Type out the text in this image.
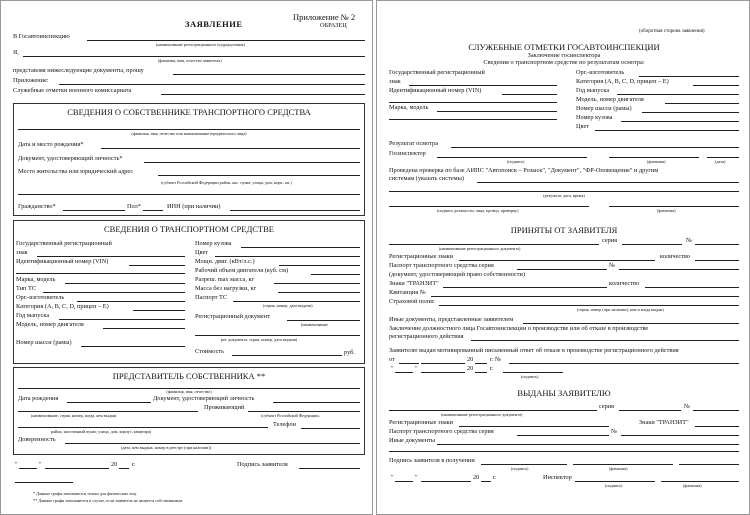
Приложение № 2
ОБРАЗЕЦ
ЗАЯВЛЕНИЕ
В Госавтоинспекцию
(наименование регистрационного подразделения)
Я,
(фамилия, имя, отчество заявителя)
представляя нижеследующие документы, прошу
Приложение:
Служебные отметки военного комиссариата
СВЕДЕНИЯ О СОБСТВЕННИКЕ ТРАНСПОРТНОГО СРЕДСТВА
(фамилия, имя, отчество или наименование юридического лица)
Дата и место рождения*
Документ, удостоверяющий личность*
Место жительства или юридический адрес
(субъект Российской Федерации район, нас. пункт, улица, дом, корп., кв.)
Гражданство*	Пол*	ИНН (при наличии)
СВЕДЕНИЯ О ТРАНСПОРТНОМ СРЕДСТВЕ
Государственный регистрационный
знак
Идентификационный номер (VIN)
Марка, модель
Тип ТС
Орг.-изготовитель
Категория (A, B, C, D, прицеп – E)
Год выпуска
Модель, номер двигателя
Номер шасси (рамы)
Номер кузова
Цвет
Мощн. двиг. (кВт/л.с.)
Рабочий объем двигателя (куб. см)
Разреш. max масса, кг
Масса без нагрузки, кг
Паспорт ТС
(серия, номер, дата выдачи)
Регистрационный документ
(наименование
рег. документа, серия, номер, дата выдачи)
Стоимость	руб.
ПРЕДСТАВИТЕЛЬ СОБСТВЕННИКА **
(фамилия, имя, отчество)
Дата рождения	Документ, удостоверяющий личность
Проживающий
(наименование, серия, номер, когда, кем выдан)	(субъект Российской Федерации,
Телефон
район, населенный пункт, улица, дом, корпус, квартира)
Доверенность
(дата, кем выдана, номер в реестре (при наличии))
"	"	20 г.	Подпись заявителя
* Данные графы заполняются только для физических лиц.
** Данные графы заполняются в случае, если заявитель не является собственником.
(оборотная сторона заявления)
СЛУЖЕБНЫЕ ОТМЕТКИ ГОСАВТОИНСПЕКЦИИ
Заключение госинспектора
Сведения о транспортном средстве по результатам осмотра:
Государственный регистрационный
знак
Идентификационный номер (VIN)
Марка, модель
Орг.-изготовитель
Категория (A, B, C, D, прицеп – E)
Год выпуска
Модель, номер двигателя
Номер шасси (рамы)
Номер кузова
Цвет
Результат осмотра
Госинспектор
(подпись)	(фамилия)	(дата)
Проведена проверка по базе АИПС "Автопоиск – Розыск", "Документ", "ФР-Оповещение" и другим
системам (указать системы)
(результат, дата, время)
(подпись должностн. лица, провод. проверку)	(фамилия)
ПРИНЯТЫ ОТ ЗАЯВИТЕЛЯ
серия	№
(наименование регистрационного документа)
Регистрационные знаки	количество
Паспорт транспортного средства серия	№
(документ, удостоверяющий право собственности)
Знаки "ТРАНЗИТ"	количество
Квитанция №
Страховой полис
(серия, номер (при наличии), кем и когда выдан)
Иные документы, представленные заявителем
Заключение должностного лица Госавтоинспекции о производстве или об отказе в производстве
регистрационного действия
Заявителю выдан мотивированный письменный ответ об отказе в производстве регистрационного действия
от	20	г. №
"	"	20	г.
(подпись)
ВЫДАНЫ ЗАЯВИТЕЛЮ
серия	№
(наименование регистрационного документа)
Регистрационные знаки	Знаки "ТРАНЗИТ"
Паспорт транспортного средства серия	№
Иные документы
Подпись заявителя в получении
(подпись)	(фамилия)
"	"	20 г.	Инспектор
(подпись)	(фамилия)
